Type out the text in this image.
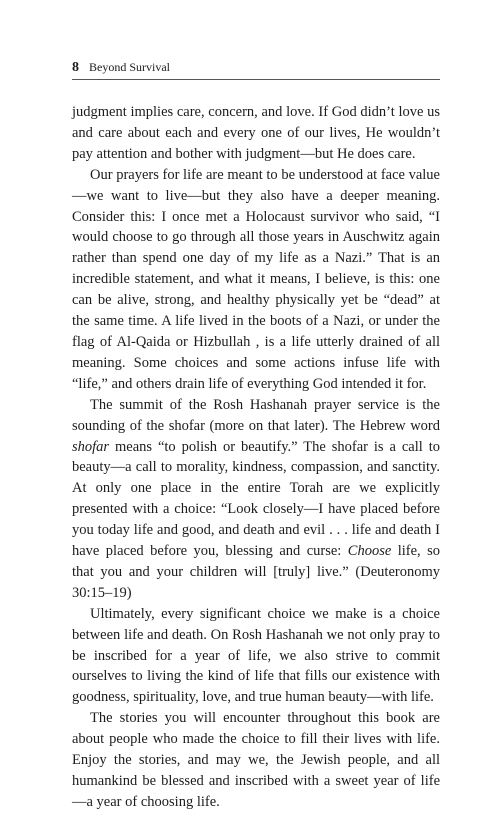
8 Beyond Survival

judgment implies care, concern, and love. If God didn’t love us and care about each and every one of our lives, He wouldn’t pay attention and bother with judgment—but He does care.

Our prayers for life are meant to be understood at face value—we want to live—but they also have a deeper meaning. Consider this: I once met a Holocaust survivor who said, “I would choose to go through all those years in Auschwitz again rather than spend one day of my life as a Nazi.” That is an incredible statement, and what it means, I believe, is this: one can be alive, strong, and healthy physically yet be “dead” at the same time. A life lived in the boots of a Nazi, or under the flag of Al-Qaida or Hizbullah , is a life utterly drained of all meaning. Some choices and some actions infuse life with “life,” and others drain life of everything God intended it for.

The summit of the Rosh Hashanah prayer service is the sounding of the shofar (more on that later). The Hebrew word shofar means “to polish or beautify.” The shofar is a call to beauty—a call to morality, kindness, compassion, and sanctity. At only one place in the entire Torah are we explicitly presented with a choice: “Look closely—I have placed before you today life and good, and death and evil . . . life and death I have placed before you, blessing and curse: Choose life, so that you and your children will [truly] live.” (Deuteronomy 30:15–19)

Ultimately, every significant choice we make is a choice between life and death. On Rosh Hashanah we not only pray to be inscribed for a year of life, we also strive to commit ourselves to living the kind of life that fills our existence with goodness, spirituality, love, and true human beauty—with life.

The stories you will encounter throughout this book are about people who made the choice to fill their lives with life. Enjoy the stories, and may we, the Jewish people, and all humankind be blessed and inscribed with a sweet year of life—a year of choosing life.
